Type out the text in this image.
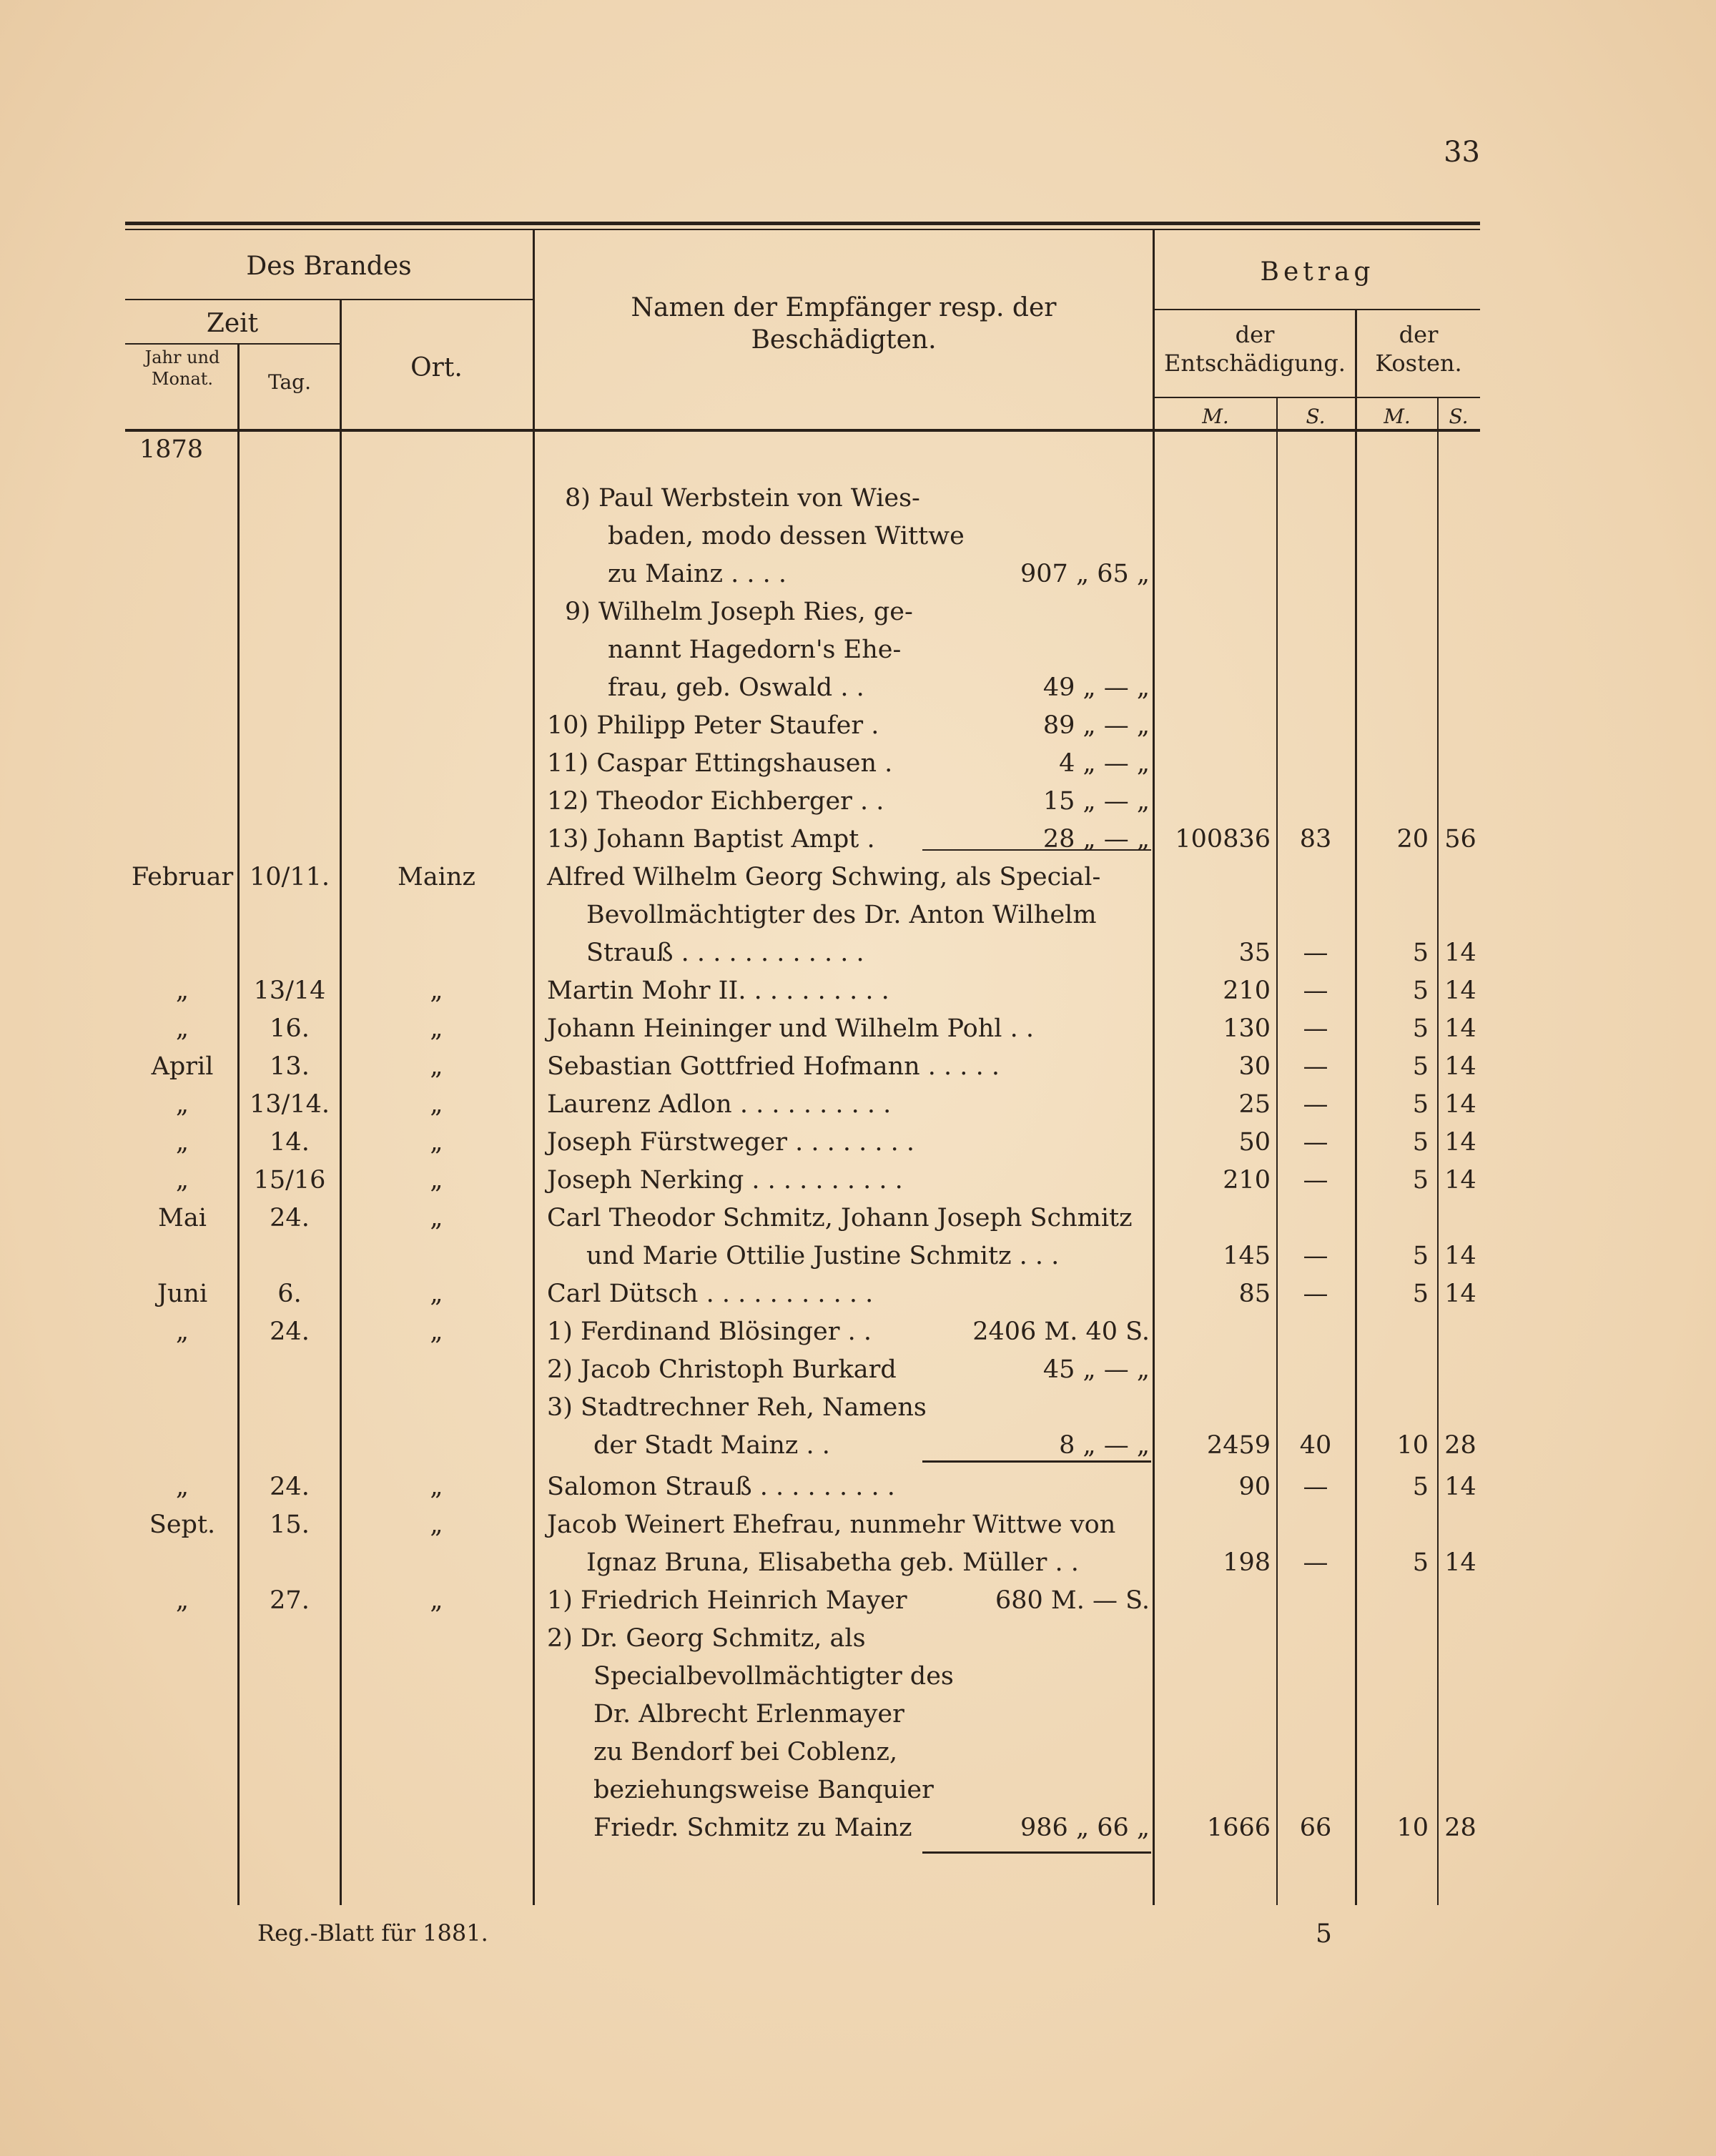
33
Des Brandes
Zeit
Jahr und Monat.	Tag.	Ort.
Namen der Empfänger resp. der Beschädigten.
Betrag
der Entschädigung.
der Kosten.
M.	S.	M.	S.
1878
8) Paul Werbstein von Wies-
baden, modo dessen Wittwe
zu Mainz . . . .	907 „ 65 „
9) Wilhelm Joseph Ries, ge-
nannt Hagedorn's Ehe-
frau, geb. Oswald . .	49 „ — „
10) Philipp Peter Staufer .	89 „ — „
11) Caspar Ettingshausen .	4 „ — „
12) Theodor Eichberger . .	15 „ — „
13) Johann Baptist Ampt .	28 „ — „	100836	83	20 56
Februar 10/11.	Mainz	Alfred Wilhelm Georg Schwing, als Special-
Bevollmächtigter des Dr. Anton Wilhelm
Strauß . . . . . . . . . . . .	35	—	5 14
„	13/14	„	Martin Mohr II. . . . . . . . . .	210	—	5 14
„	16.	„	Johann Heininger und Wilhelm Pohl . .	130	—	5 14
April	13.	„	Sebastian Gottfried Hofmann . . . . .	30	—	5 14
„	13/14.	„	Laurenz Adlon . . . . . . . . . .	25	—	5 14
„	14.	„	Joseph Fürstweger . . . . . . . .	50	—	5 14
„	15/16	„	Joseph Nerking . . . . . . . . . .	210	—	5 14
Mai	24.	„	Carl Theodor Schmitz, Johann Joseph Schmitz
und Marie Ottilie Justine Schmitz . . .	145	—	5 14
Juni	6.	„	Carl Dütsch . . . . . . . . . . .	85	—	5 14
„	24.	„	1) Ferdinand Blösinger . .	2406 M. 40 S.
2) Jacob Christoph Burkard	45 „ — „
3) Stadtrechner Reh, Namens
der Stadt Mainz . .	8 „ — „	2459	40	10 28
„	24.	„	Salomon Strauß . . . . . . . . .	90	—	5 14
Sept.	15.	„	Jacob Weinert Ehefrau, nunmehr Wittwe von
Ignaz Bruna, Elisabetha geb. Müller . .	198	—	5 14
„	27.	„	1) Friedrich Heinrich Mayer	680 M. — S.
2) Dr. Georg Schmitz, als
Specialbevollmächtigter des
Dr. Albrecht Erlenmayer
zu Bendorf bei Coblenz,
beziehungsweise Banquier
Friedr. Schmitz zu Mainz	986 „ 66 „	1666	66	10 28
Reg.-Blatt für 1881.	5
